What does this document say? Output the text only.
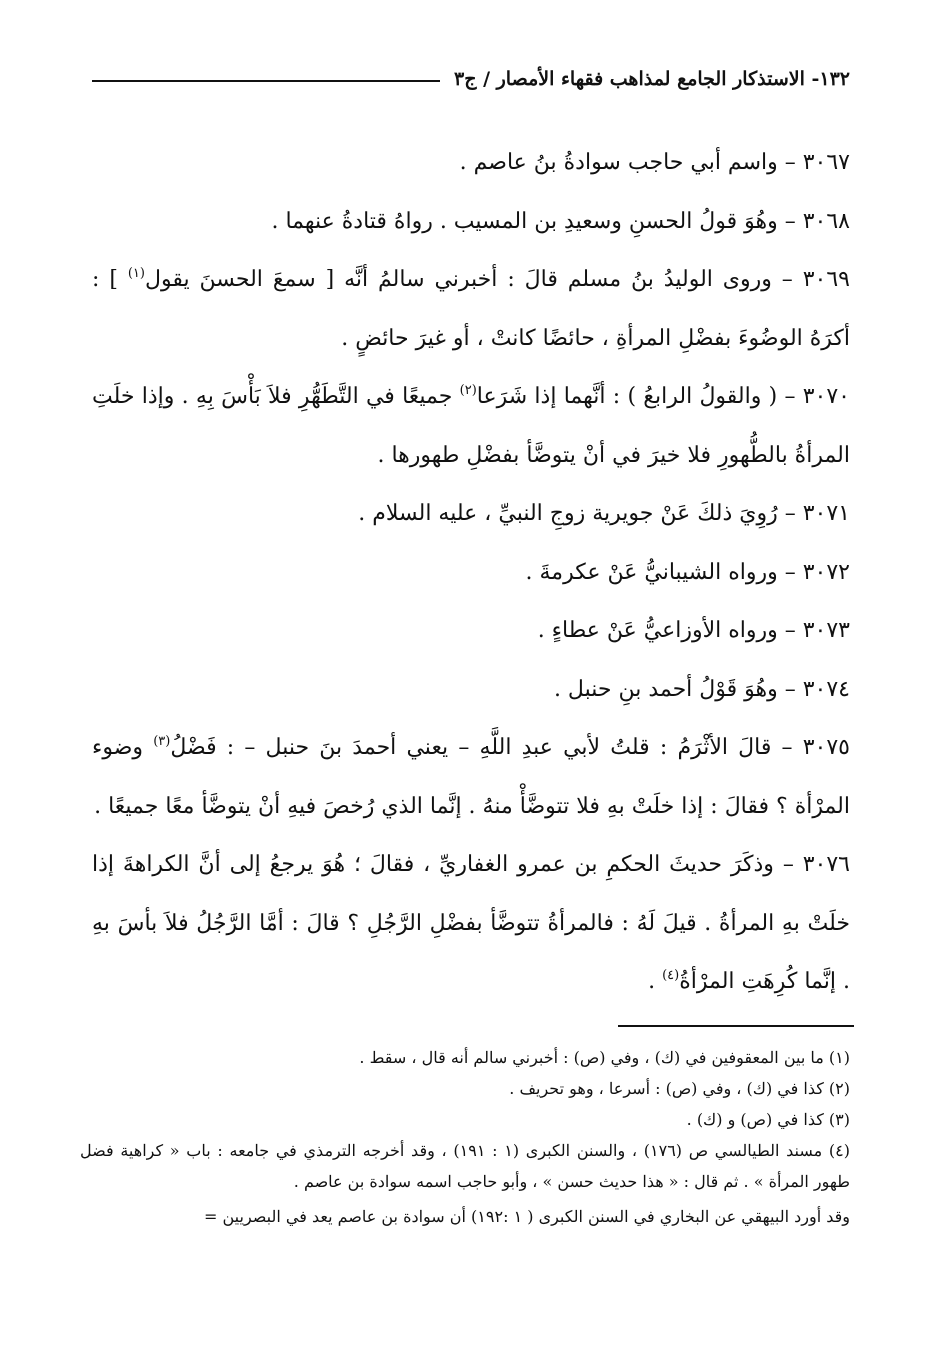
١٣٢- الاستذكار الجامع لمذاهب فقهاء الأمصار / ج٣

٣٠٦٧ – واسم أبي حاجب سوادةُ بنُ عاصم .

٣٠٦٨ – وهُوَ قولُ الحسنِ وسعيدِ بن المسيب . رواهُ قتادةُ عنهما .

٣٠٦٩ – وروى الوليدُ بنُ مسلم قالَ : أخبرني سالمُ أنَّه [ سمعَ الحسنَ يقول$^{(١)}$ ] : أكرَهُ الوضُوءَ بفضْلِ المرأةِ ، حائضًا كانتْ ، أو غيرَ حائضٍ .

٣٠٧٠ – ( والقولُ الرابعُ ) : أنَّهما إذا شَرَعا$^{(٢)}$ جميعًا في التَّطَهُّرِ فلاَ بَأْسَ بِهِ . وإذا خلَتِ المرأةُ بالطُّهورِ فلا خيرَ في أنْ يتوضَّأ بفضْلِ طهورها .

٣٠٧١ – رُوِيَ ذلكَ عَنْ جويرية زوجِ النبيِّ ، عليه السلام .

٣٠٧٢ – ورواه الشيبانيُّ عَنْ عكرمةَ .

٣٠٧٣ – ورواه الأوزاعيُّ عَنْ عطاءٍ .

٣٠٧٤ – وهُوَ قَوْلُ أحمد بنِ حنبل .

٣٠٧٥ – قالَ الأثْرَمُ : قلتُ لأبي عبدِ اللَّهِ – يعني أحمدَ بنَ حنبل – : فَضْلُ$^{(٣)}$ وضوء المرْأة ؟ فقالَ : إذا خلَتْ بهِ فلا تتوضَّأْ منهُ . إنَّما الذي رُخصَ فيهِ أنْ يتوضَّأ معًا جميعًا .

٣٠٧٦ – وذكَرَ حديثَ الحكمِ بن عمرو الغفاريِّ ، فقالَ ؛ هُوَ يرجعُ إلى أنَّ الكراهةَ إذا خلَتْ بهِ المرأةُ . قيلَ لَهُ : فالمرأةُ تتوضَّأ بفضْلِ الرَّجُلِ ؟ قالَ : أمَّا الرَّجُلُ فلاَ بأسَ بهِ . إنَّما كُرِهَتِ المرْأةُ$^{(٤)}$ .

(١) ما بين المعقوفين في (ك) ، وفي (ص) : أخبرني سالم أنه قال ، سقط .

(٢) كذا في (ك) ، وفي (ص) : أسرعا ، وهو تحريف .

(٣) كذا في (ص) و (ك) .

(٤) مسند الطيالسي ص (١٧٦) ، والسنن الكبرى (١ : ١٩١) ، وقد أخرجه الترمذي في جامعه : باب « كراهية فضل طهور المرأة » . ثم قال : « هذا حديث حسن » ، وأبو حاجب اسمه سوادة بن عاصم .

وقد أورد البيهقي عن البخاري في السنن الكبرى ( ١ :١٩٢) أن سوادة بن عاصم يعد في البصريين =
